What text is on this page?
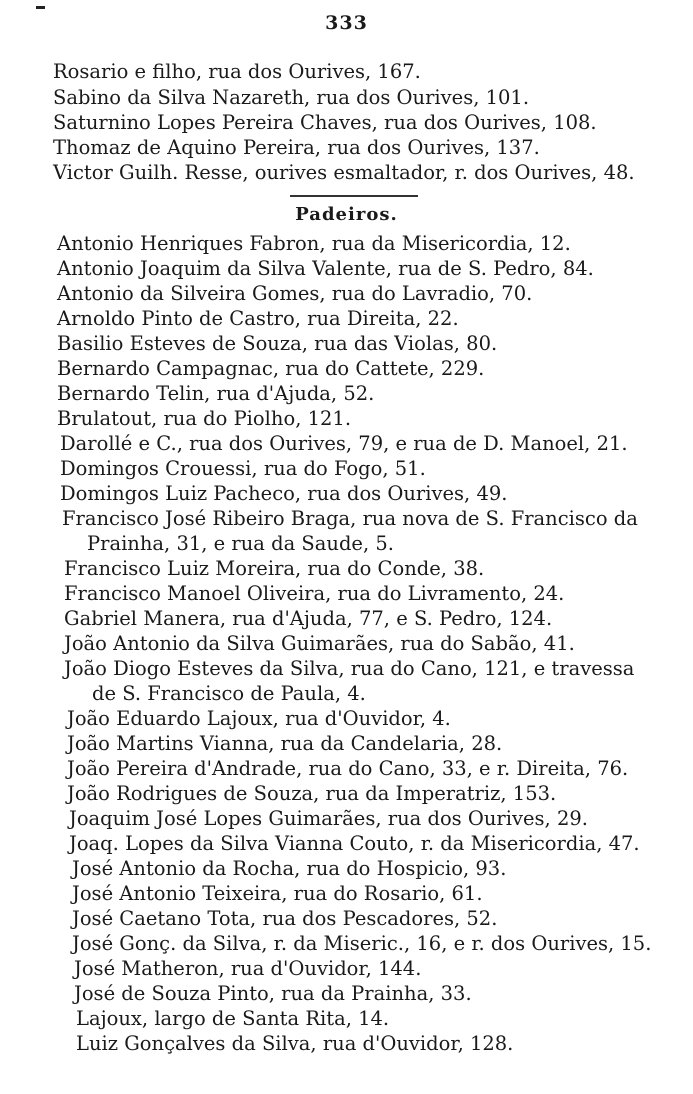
333
Rosario e filho, rua dos Ourives, 167.
Sabino da Silva Nazareth, rua dos Ourives, 101.
Saturnino Lopes Pereira Chaves, rua dos Ourives, 108.
Thomaz de Aquino Pereira, rua dos Ourives, 137.
Victor Guilh. Resse, ourives esmaltador, r. dos Ourives, 48.
Padeiros.
Antonio Henriques Fabron, rua da Misericordia, 12.
Antonio Joaquim da Silva Valente, rua de S. Pedro, 84.
Antonio da Silveira Gomes, rua do Lavradio, 70.
Arnoldo Pinto de Castro, rua Direita, 22.
Basilio Esteves de Souza, rua das Violas, 80.
Bernardo Campagnac, rua do Cattete, 229.
Bernardo Telin, rua d'Ajuda, 52.
Brulatout, rua do Piolho, 121.
Darollé e C., rua dos Ourives, 79, e rua de D. Manoel, 21.
Domingos Crouessi, rua do Fogo, 51.
Domingos Luiz Pacheco, rua dos Ourives, 49.
Francisco José Ribeiro Braga, rua nova de S. Francisco da
Prainha, 31, e rua da Saude, 5.
Francisco Luiz Moreira, rua do Conde, 38.
Francisco Manoel Oliveira, rua do Livramento, 24.
Gabriel Manera, rua d'Ajuda, 77, e S. Pedro, 124.
João Antonio da Silva Guimarães, rua do Sabão, 41.
João Diogo Esteves da Silva, rua do Cano, 121, e travessa
de S. Francisco de Paula, 4.
João Eduardo Lajoux, rua d'Ouvidor, 4.
João Martins Vianna, rua da Candelaria, 28.
João Pereira d'Andrade, rua do Cano, 33, e r. Direita, 76.
João Rodrigues de Souza, rua da Imperatriz, 153.
Joaquim José Lopes Guimarães, rua dos Ourives, 29.
Joaq. Lopes da Silva Vianna Couto, r. da Misericordia, 47.
José Antonio da Rocha, rua do Hospicio, 93.
José Antonio Teixeira, rua do Rosario, 61.
José Caetano Tota, rua dos Pescadores, 52.
José Gonç. da Silva, r. da Miseric., 16, e r. dos Ourives, 15.
José Matheron, rua d'Ouvidor, 144.
José de Souza Pinto, rua da Prainha, 33.
Lajoux, largo de Santa Rita, 14.
Luiz Gonçalves da Silva, rua d'Ouvidor, 128.
